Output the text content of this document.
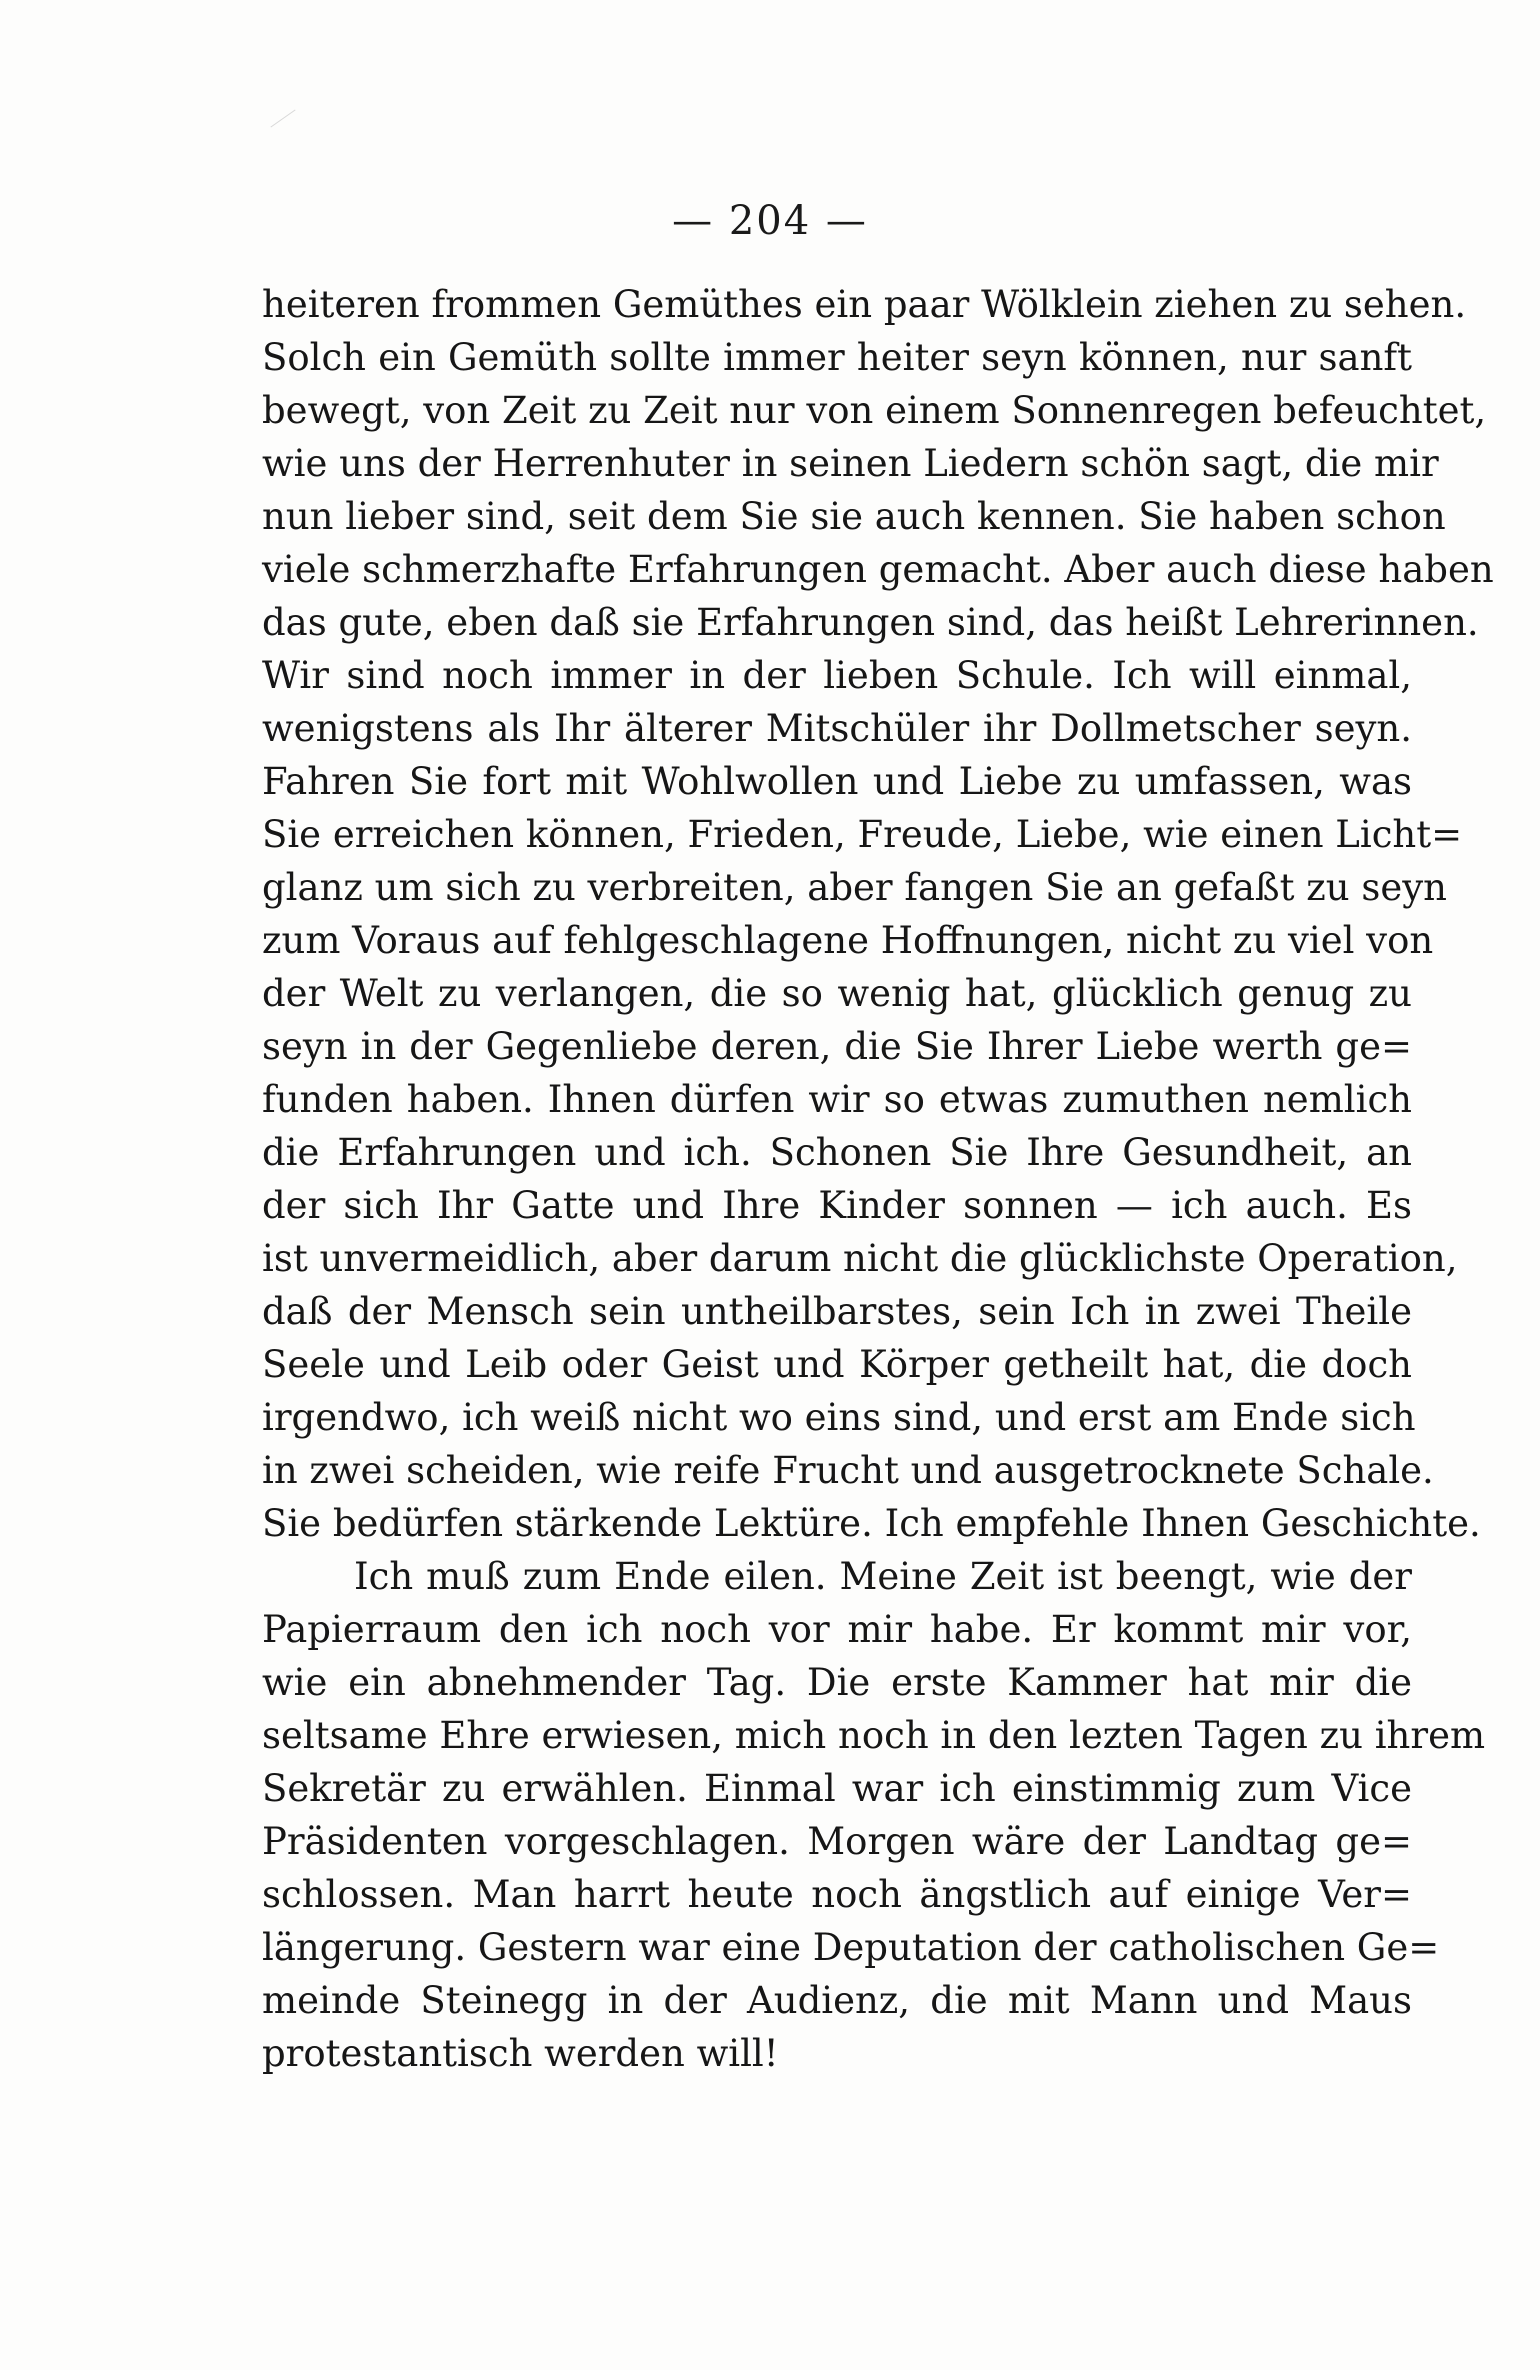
— 204 —
heiteren frommen Gemüthes ein paar Wölklein ziehen zu sehen.
Solch ein Gemüth sollte immer heiter seyn können, nur sanft
bewegt, von Zeit zu Zeit nur von einem Sonnenregen befeuchtet,
wie uns der Herrenhuter in seinen Liedern schön sagt, die mir
nun lieber sind, seit dem Sie sie auch kennen. Sie haben schon
viele schmerzhafte Erfahrungen gemacht. Aber auch diese haben
das gute, eben daß sie Erfahrungen sind, das heißt Lehrerinnen.
Wir sind noch immer in der lieben Schule. Ich will einmal,
wenigstens als Ihr älterer Mitschüler ihr Dollmetscher seyn.
Fahren Sie fort mit Wohlwollen und Liebe zu umfassen, was
Sie erreichen können, Frieden, Freude, Liebe, wie einen Licht=
glanz um sich zu verbreiten, aber fangen Sie an gefaßt zu seyn
zum Voraus auf fehlgeschlagene Hoffnungen, nicht zu viel von
der Welt zu verlangen, die so wenig hat, glücklich genug zu
seyn in der Gegenliebe deren, die Sie Ihrer Liebe werth ge=
funden haben. Ihnen dürfen wir so etwas zumuthen nemlich
die Erfahrungen und ich. Schonen Sie Ihre Gesundheit, an
der sich Ihr Gatte und Ihre Kinder sonnen — ich auch. Es
ist unvermeidlich, aber darum nicht die glücklichste Operation,
daß der Mensch sein untheilbarstes, sein Ich in zwei Theile
Seele und Leib oder Geist und Körper getheilt hat, die doch
irgendwo, ich weiß nicht wo eins sind, und erst am Ende sich
in zwei scheiden, wie reife Frucht und ausgetrocknete Schale.
Sie bedürfen stärkende Lektüre. Ich empfehle Ihnen Geschichte.
Ich muß zum Ende eilen. Meine Zeit ist beengt, wie der
Papierraum den ich noch vor mir habe. Er kommt mir vor,
wie ein abnehmender Tag. Die erste Kammer hat mir die
seltsame Ehre erwiesen, mich noch in den lezten Tagen zu ihrem
Sekretär zu erwählen. Einmal war ich einstimmig zum Vice
Präsidenten vorgeschlagen. Morgen wäre der Landtag ge=
schlossen. Man harrt heute noch ängstlich auf einige Ver=
längerung. Gestern war eine Deputation der catholischen Ge=
meinde Steinegg in der Audienz, die mit Mann und Maus
protestantisch werden will!
